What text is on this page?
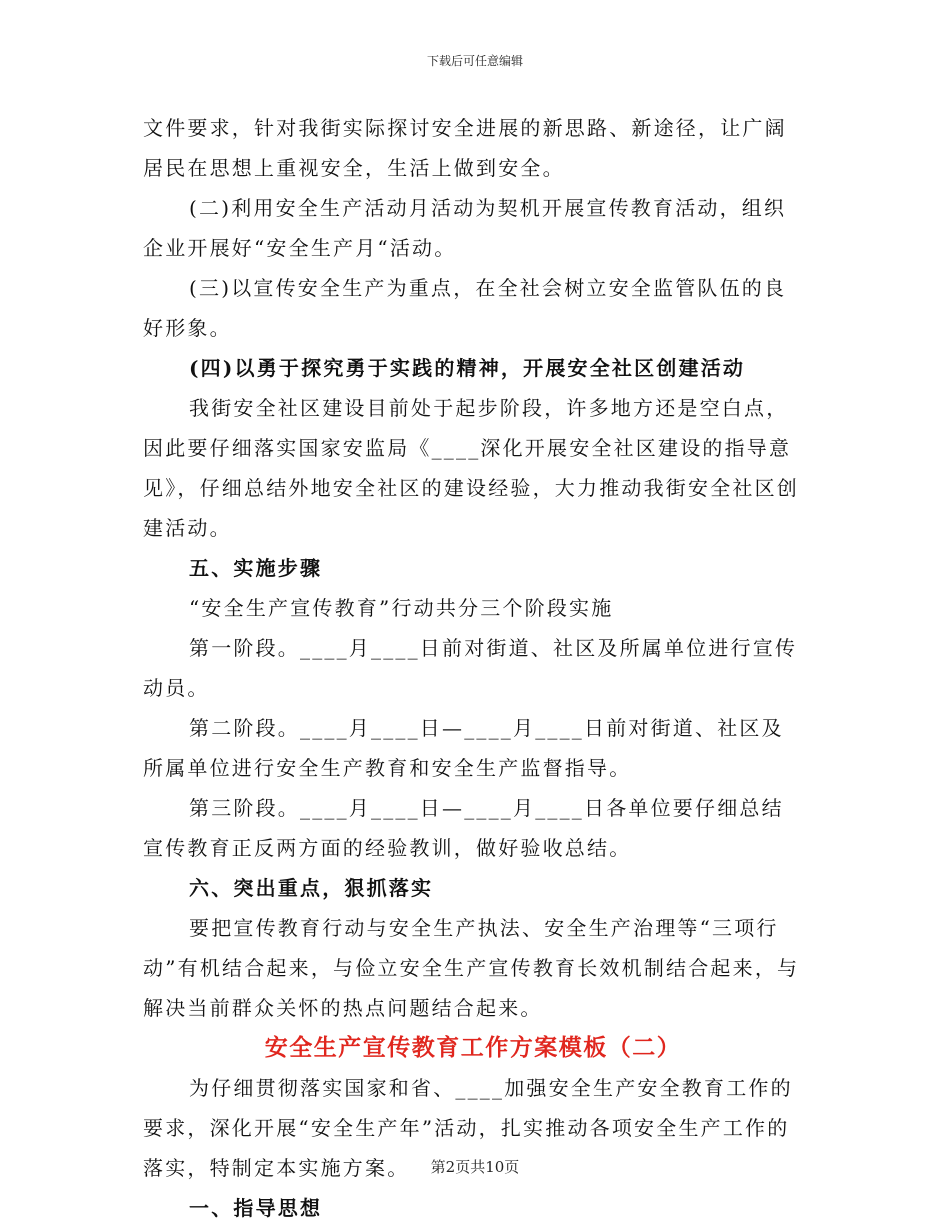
下载后可任意编辑

文件要求，针对我街实际探讨安全进展的新思路、新途径，让广阔居民在思想上重视安全，生活上做到安全。

(二)利用安全生产活动月活动为契机开展宣传教育活动，组织企业开展好“安全生产月“活动。

(三)以宣传安全生产为重点，在全社会树立安全监管队伍的良好形象。

(四)以勇于探究勇于实践的精神，开展安全社区创建活动

我街安全社区建设目前处于起步阶段，许多地方还是空白点，因此要仔细落实国家安监局《____深化开展安全社区建设的指导意见》，仔细总结外地安全社区的建设经验，大力推动我街安全社区创建活动。

五、实施步骤

“安全生产宣传教育”行动共分三个阶段实施

第一阶段。____月____日前对街道、社区及所属单位进行宣传动员。

第二阶段。____月____日—____月____日前对街道、社区及所属单位进行安全生产教育和安全生产监督指导。

第三阶段。____月____日—____月____日各单位要仔细总结宣传教育正反两方面的经验教训，做好验收总结。

六、突出重点，狠抓落实

要把宣传教育行动与安全生产执法、安全生产治理等“三项行动”有机结合起来，与俭立安全生产宣传教育长效机制结合起来，与解决当前群众关怀的热点问题结合起来。

安全生产宣传教育工作方案模板（二）

为仔细贯彻落实国家和省、____加强安全生产安全教育工作的要求，深化开展“安全生产年”活动，扎实推动各项安全生产工作的落实，特制定本实施方案。

一、指导思想

第2页共10页
